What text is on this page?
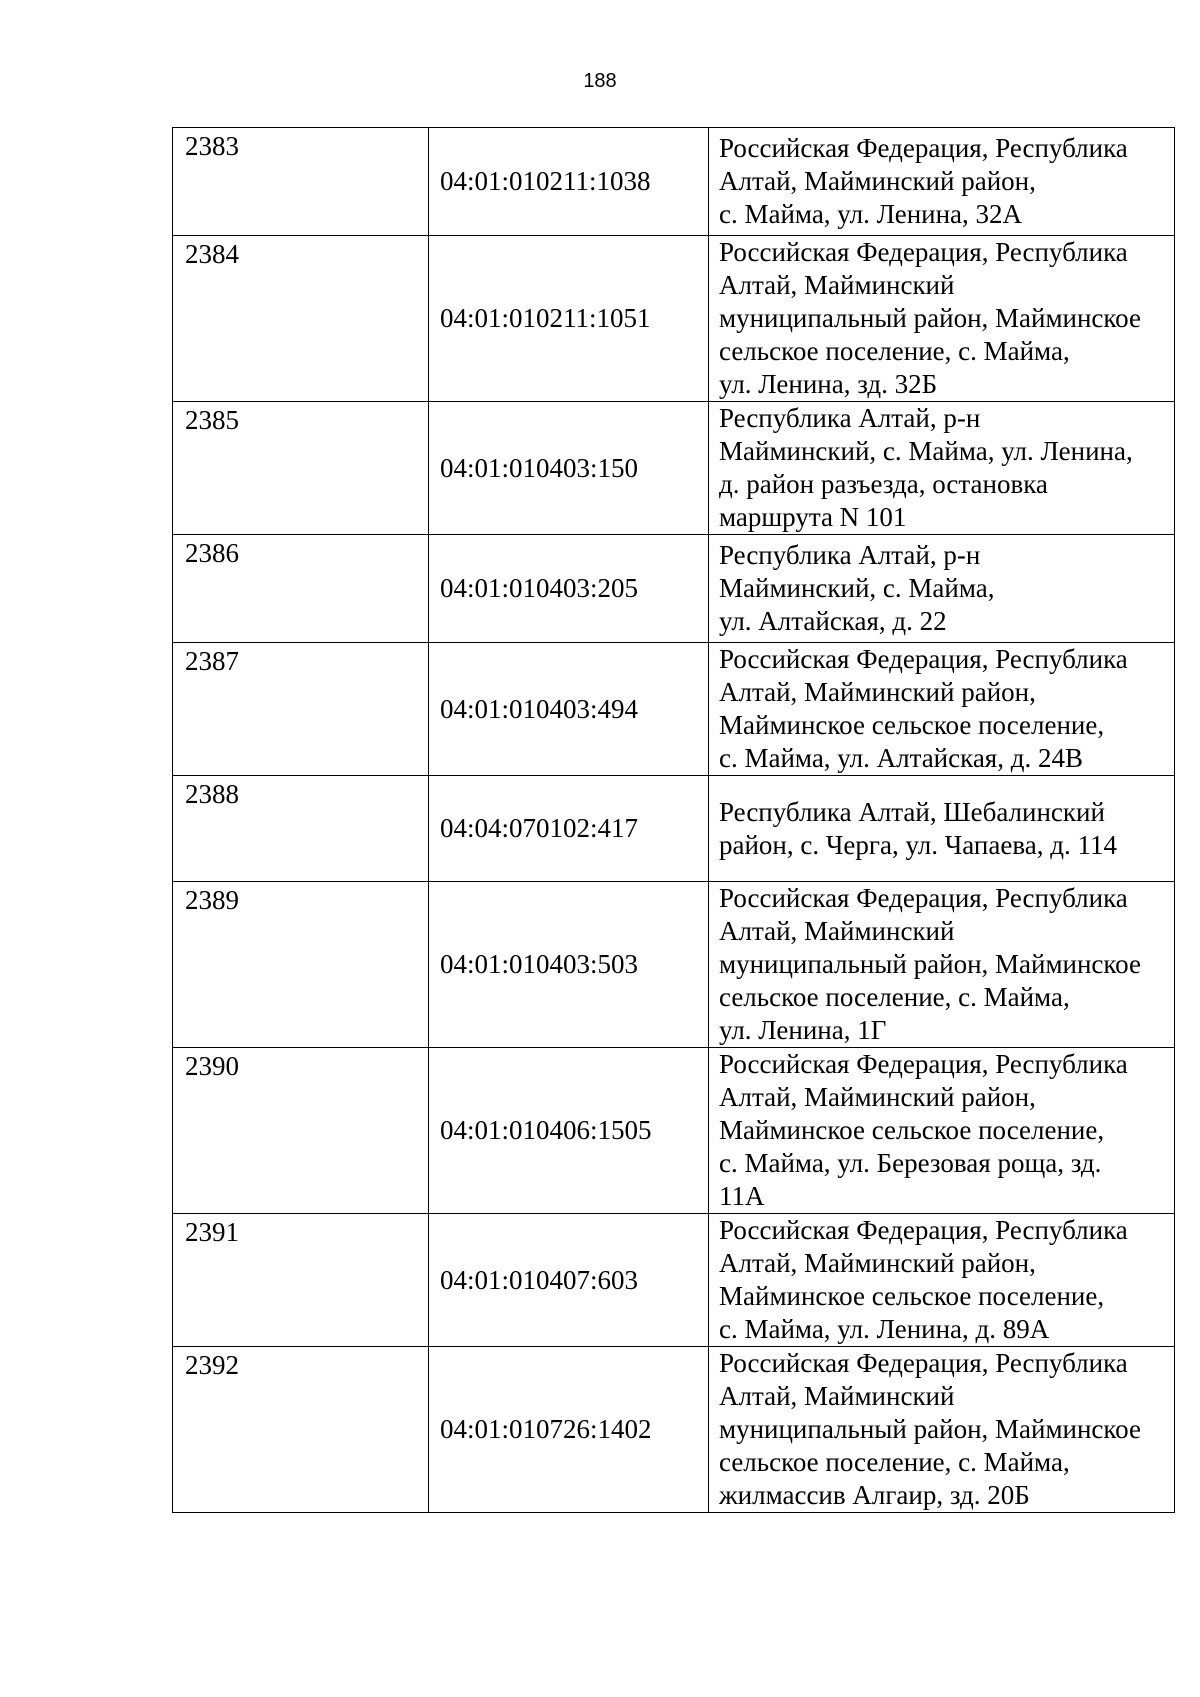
188
2383	04:01:010211:1038	Российская Федерация, Республика
Алтай, Майминский район,
с. Майма, ул. Ленина, 32А

2384	04:01:010211:1051	Российская Федерация, Республика
Алтай, Майминский
муниципальный район, Майминское
сельское поселение, с. Майма,
ул. Ленина, зд. 32Б

2385	04:01:010403:150	Республика Алтай, р-н
Майминский, с. Майма, ул. Ленина,
д. район разъезда, остановка
маршрута N 101

2386	04:01:010403:205	Республика Алтай, р-н
Майминский, с. Майма,
ул. Алтайская, д. 22

2387	04:01:010403:494	Российская Федерация, Республика
Алтай, Майминский район,
Майминское сельское поселение,
с. Майма, ул. Алтайская, д. 24В

2388	04:04:070102:417	Республика Алтай, Шебалинский
район, с. Черга, ул. Чапаева, д. 114

2389	04:01:010403:503	Российская Федерация, Республика
Алтай, Майминский
муниципальный район, Майминское
сельское поселение, с. Майма,
ул. Ленина, 1Г

2390	04:01:010406:1505	Российская Федерация, Республика
Алтай, Майминский район,
Майминское сельское поселение,
с. Майма, ул. Березовая роща, зд.
11А

2391	04:01:010407:603	Российская Федерация, Республика
Алтай, Майминский район,
Майминское сельское поселение,
с. Майма, ул. Ленина, д. 89А

2392	04:01:010726:1402	Российская Федерация, Республика
Алтай, Майминский
муниципальный район, Майминское
сельское поселение, с. Майма,
жилмассив Алгаир, зд. 20Б
